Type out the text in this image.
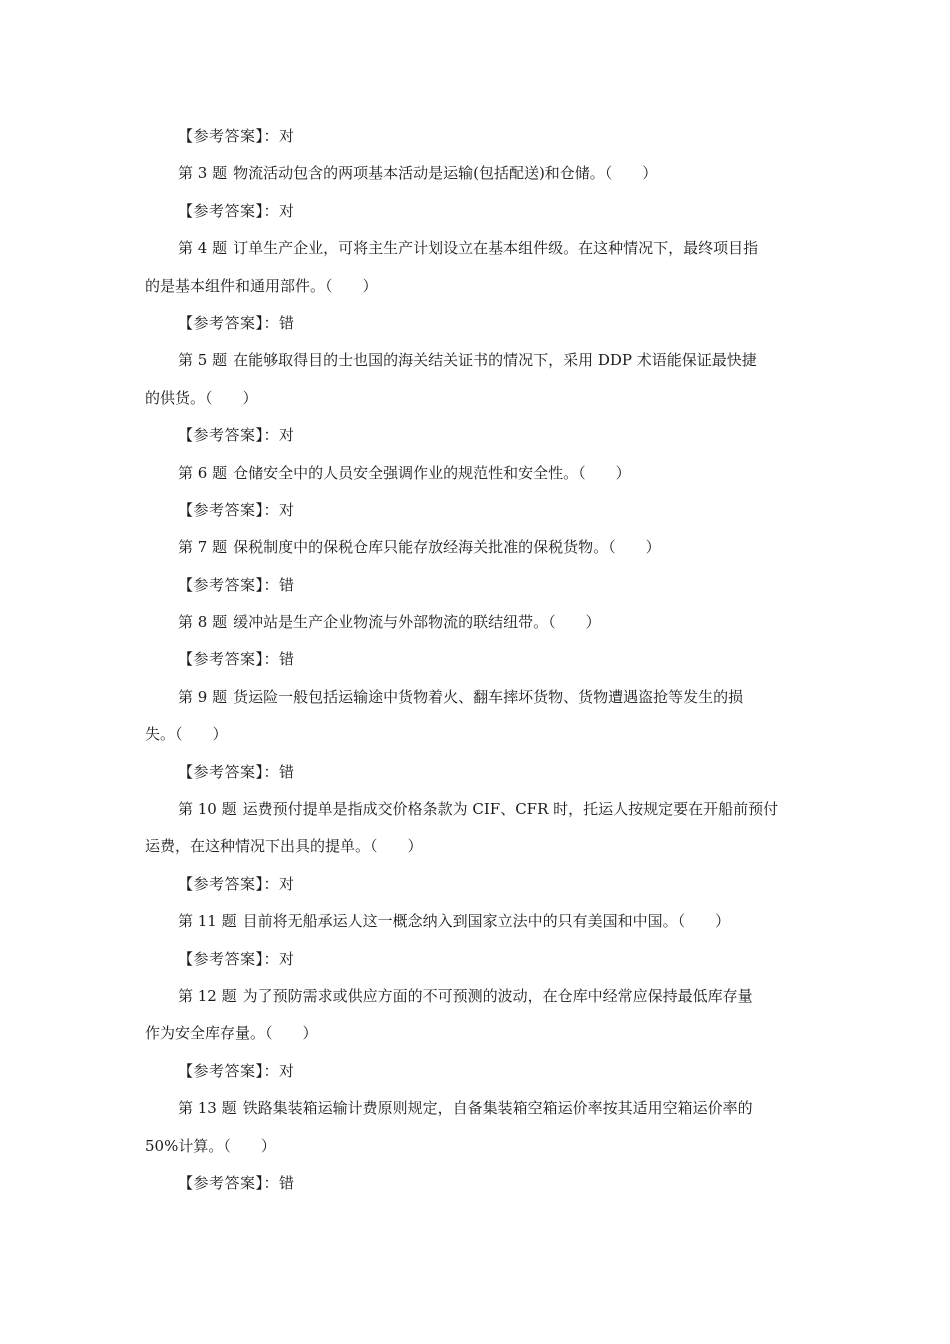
【参考答案】：对
第 3 题 物流活动包含的两项基本活动是运输(包括配送)和仓储。（　　）
【参考答案】：对
第 4 题 订单生产企业，可将主生产计划设立在基本组件级。在这种情况下，最终项目指
的是基本组件和通用部件。（　　）
【参考答案】：错
第 5 题 在能够取得目的士也国的海关结关证书的情况下，采用 DDP 术语能保证最快捷
的供货。（　　）
【参考答案】：对
第 6 题 仓储安全中的人员安全强调作业的规范性和安全性。（　　）
【参考答案】：对
第 7 题 保税制度中的保税仓库只能存放经海关批准的保税货物。（　　）
【参考答案】：错
第 8 题 缓冲站是生产企业物流与外部物流的联结纽带。（　　）
【参考答案】：错
第 9 题 货运险一般包括运输途中货物着火、翻车摔坏货物、货物遭遇盗抢等发生的损
失。（　　）
【参考答案】：错
第 10 题 运费预付提单是指成交价格条款为 CIF、CFR 时，托运人按规定要在开船前预付
运费，在这种情况下出具的提单。（　　）
【参考答案】：对
第 11 题 目前将无船承运人这一概念纳入到国家立法中的只有美国和中国。（　　）
【参考答案】：对
第 12 题 为了预防需求或供应方面的不可预测的波动，在仓库中经常应保持最低库存量
作为安全库存量。（　　）
【参考答案】：对
第 13 题 铁路集装箱运输计费原则规定，自备集装箱空箱运价率按其适用空箱运价率的
50%计算。（　　）
【参考答案】：错
